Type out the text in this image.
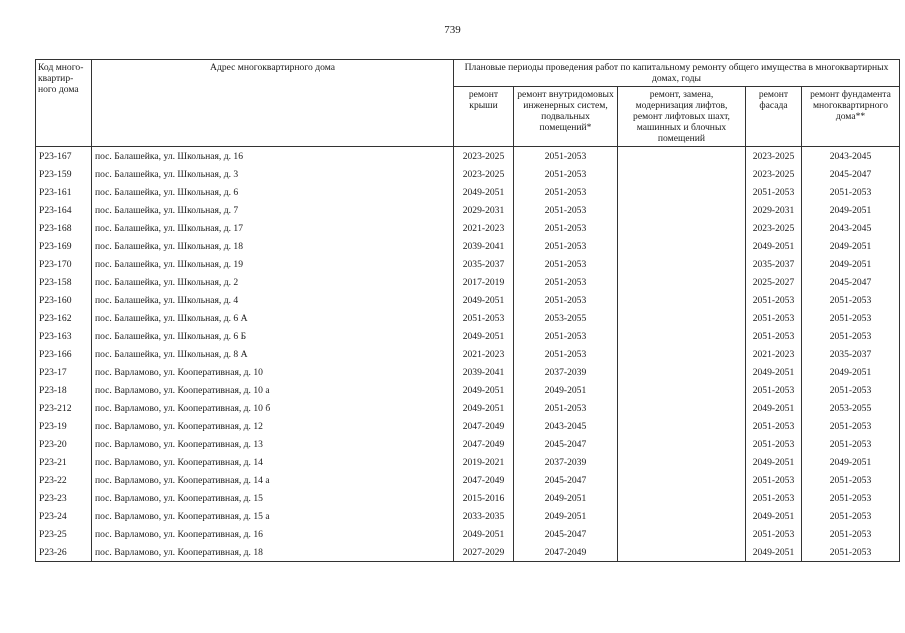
739
Код много-
квартир-
ного дома	Адрес многоквартирного дома	Плановые периоды проведения работ по капитальному ремонту общего имущества в многоквартирных домах, годы				
		ремонт крыши	ремонт внутридомовых инженерных систем, подвальных помещений*	ремонт, замена, модернизация лифтов, ремонт лифтовых шахт, машинных и блочных помещений	ремонт фасада	ремонт фундамента многоквартирного дома**
Р23-167	пос. Балашейка, ул. Школьная, д. 16	2023-2025	2051-2053		2023-2025	2043-2045
Р23-159	пос. Балашейка, ул. Школьная, д. 3	2023-2025	2051-2053		2023-2025	2045-2047
Р23-161	пос. Балашейка, ул. Школьная, д. 6	2049-2051	2051-2053		2051-2053	2051-2053
Р23-164	пос. Балашейка, ул. Школьная, д. 7	2029-2031	2051-2053		2029-2031	2049-2051
Р23-168	пос. Балашейка, ул. Школьная, д. 17	2021-2023	2051-2053		2023-2025	2043-2045
Р23-169	пос. Балашейка, ул. Школьная, д. 18	2039-2041	2051-2053		2049-2051	2049-2051
Р23-170	пос. Балашейка, ул. Школьная, д. 19	2035-2037	2051-2053		2035-2037	2049-2051
Р23-158	пос. Балашейка, ул. Школьная, д. 2	2017-2019	2051-2053		2025-2027	2045-2047
Р23-160	пос. Балашейка, ул. Школьная, д. 4	2049-2051	2051-2053		2051-2053	2051-2053
Р23-162	пос. Балашейка, ул. Школьная, д. 6 А	2051-2053	2053-2055		2051-2053	2051-2053
Р23-163	пос. Балашейка, ул. Школьная, д. 6 Б	2049-2051	2051-2053		2051-2053	2051-2053
Р23-166	пос. Балашейка, ул. Школьная, д. 8 А	2021-2023	2051-2053		2021-2023	2035-2037
Р23-17	пос. Варламово, ул. Кооперативная, д. 10	2039-2041	2037-2039		2049-2051	2049-2051
Р23-18	пос. Варламово, ул. Кооперативная, д. 10 а	2049-2051	2049-2051		2051-2053	2051-2053
Р23-212	пос. Варламово, ул. Кооперативная, д. 10 б	2049-2051	2051-2053		2049-2051	2053-2055
Р23-19	пос. Варламово, ул. Кооперативная, д. 12	2047-2049	2043-2045		2051-2053	2051-2053
Р23-20	пос. Варламово, ул. Кооперативная, д. 13	2047-2049	2045-2047		2051-2053	2051-2053
Р23-21	пос. Варламово, ул. Кооперативная, д. 14	2019-2021	2037-2039		2049-2051	2049-2051
Р23-22	пос. Варламово, ул. Кооперативная, д. 14 а	2047-2049	2045-2047		2051-2053	2051-2053
Р23-23	пос. Варламово, ул. Кооперативная, д. 15	2015-2016	2049-2051		2051-2053	2051-2053
Р23-24	пос. Варламово, ул. Кооперативная, д. 15 а	2033-2035	2049-2051		2049-2051	2051-2053
Р23-25	пос. Варламово, ул. Кооперативная, д. 16	2049-2051	2045-2047		2051-2053	2051-2053
Р23-26	пос. Варламово, ул. Кооперативная, д. 18	2027-2029	2047-2049		2049-2051	2051-2053
